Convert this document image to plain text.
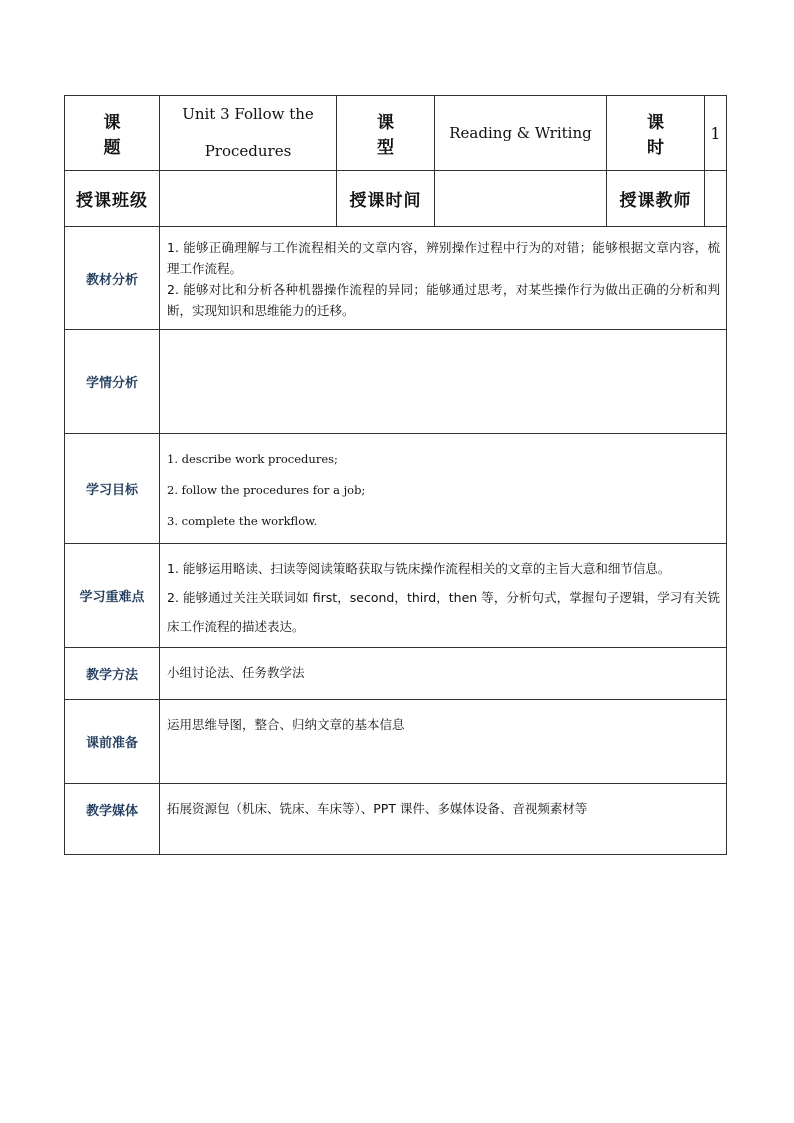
课　题	Unit 3 Follow the Procedures	课　型	Reading & Writing	课　时	1
授课班级		授课时间		授课教师	
教材分析	1. 能够正确理解与工作流程相关的文章内容，辨别操作过程中行为的对错；能够根据文章内容，梳理工作流程。

2. 能够对比和分析各种机器操作流程的异同；能够通过思考，对某些操作行为做出正确的分析和判断，实现知识和思维能力的迁移。				

学情分析					
学习目标	1. describe work procedures;

2. follow the procedures for a job;

3. complete the workflow.				

学习重难点	1. 能够运用略读、扫读等阅读策略获取与铣床操作流程相关的文章的主旨大意和细节信息。

2. 能够通过关注关联词如 first，second，third，then 等，分析句式，掌握句子逻辑，学习有关铣床工作流程的描述表达。				

教学方法	小组讨论法、任务教学法				
课前准备	运用思维导图，整合、归纳文章的基本信息				
教学媒体	拓展资源包（机床、铣床、车床等）、PPT 课件、多媒体设备、音视频素材等				
